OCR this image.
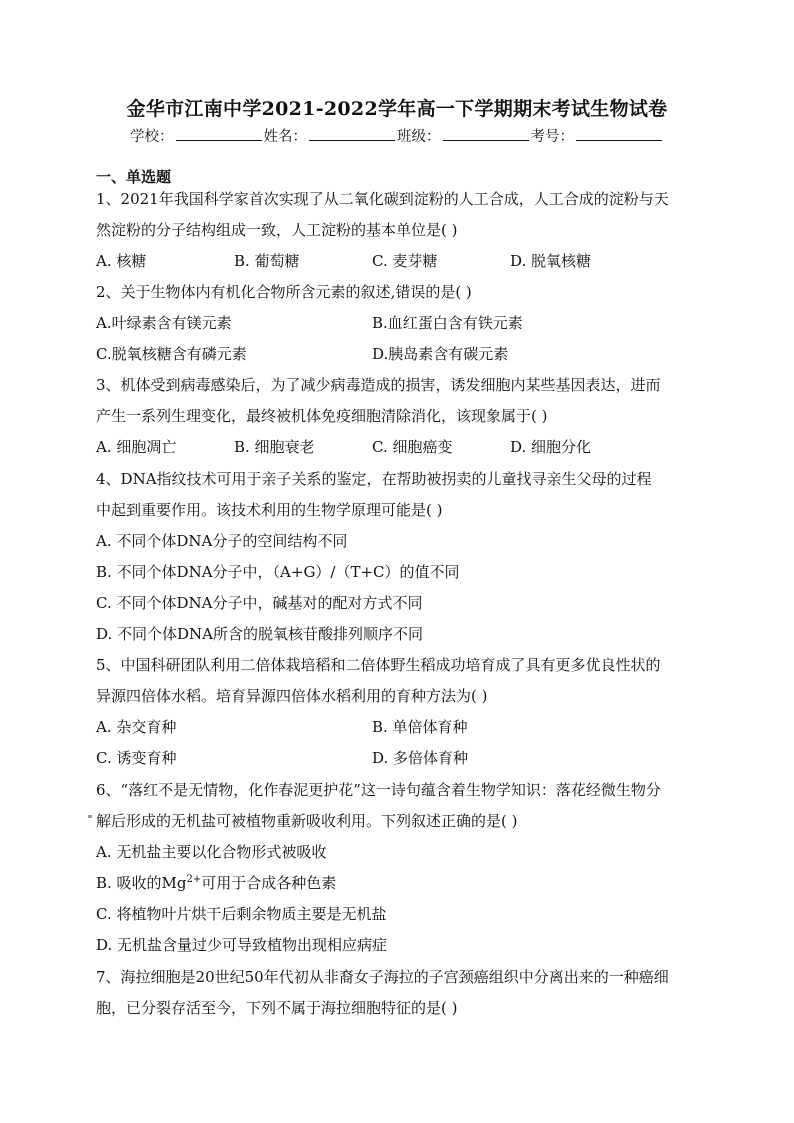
金华市江南中学2021-2022学年高一下学期期末考试生物试卷
学校：	姓名：	班级：	考号：
一、单选题
1、2021年我国科学家首次实现了从二氧化碳到淀粉的人工合成，人工合成的淀粉与天
然淀粉的分子结构组成一致，人工淀粉的基本单位是( )
A. 核糖	B. 葡萄糖	C. 麦芽糖	D. 脱氧核糖
2、关于生物体内有机化合物所含元素的叙述,错误的是( )
A.叶绿素含有镁元素	B.血红蛋白含有铁元素
C.脱氧核糖含有磷元素	D.胰岛素含有碳元素
3、机体受到病毒感染后，为了减少病毒造成的损害，诱发细胞内某些基因表达，进而
产生一系列生理变化，最终被机体免疫细胞清除消化，该现象属于( )
A. 细胞凋亡	B. 细胞衰老	C. 细胞癌变	D. 细胞分化
4、DNA指纹技术可用于亲子关系的鉴定，在帮助被拐卖的儿童找寻亲生父母的过程
中起到重要作用。该技术利用的生物学原理可能是( )
A. 不同个体DNA分子的空间结构不同
B. 不同个体DNA分子中，（A+G）/（T+C）的值不同
C. 不同个体DNA分子中，碱基对的配对方式不同
D. 不同个体DNA所含的脱氧核苷酸排列顺序不同
5、中国科研团队利用二倍体栽培稻和二倍体野生稻成功培育成了具有更多优良性状的
异源四倍体水稻。培育异源四倍体水稻利用的育种方法为( )
A. 杂交育种	B. 单倍体育种
C. 诱变育种	D. 多倍体育种
6、“落红不是无情物，化作春泥更护花”这一诗句蕴含着生物学知识：落花经微生物分
解后形成的无机盐可被植物重新吸收利用。下列叙述正确的是( )
A. 无机盐主要以化合物形式被吸收
B. 吸收的$Mg^{2+}$可用于合成各种色素
C. 将植物叶片烘干后剩余物质主要是无机盐
D. 无机盐含量过少可导致植物出现相应病症
7、海拉细胞是20世纪50年代初从非裔女子海拉的子宫颈癌组织中分离出来的一种癌细
胞，已分裂存活至今，下列不属于海拉细胞特征的是( )
